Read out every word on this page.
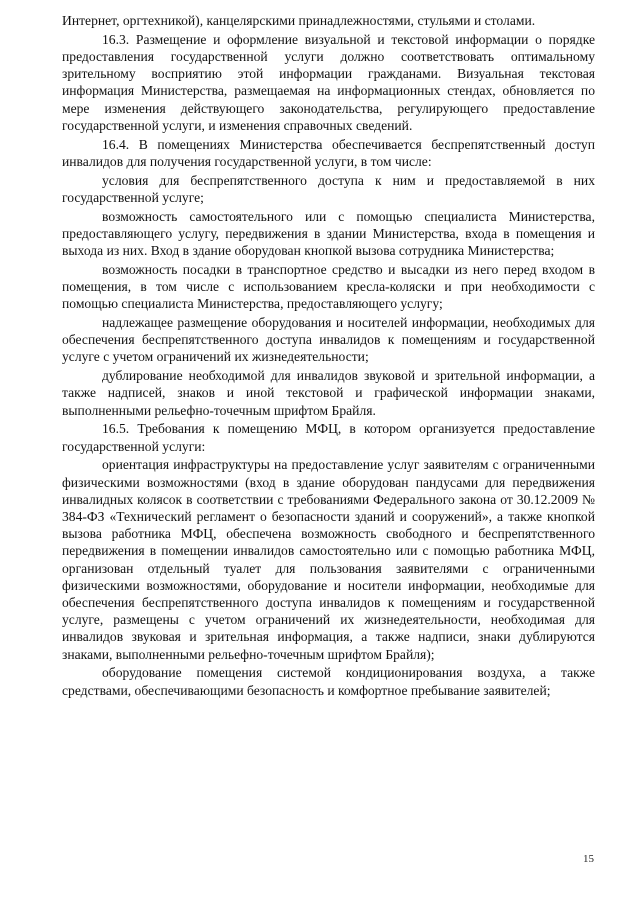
Интернет, оргтехникой), канцелярскими принадлежностями, стульями и столами.

16.3. Размещение и оформление визуальной и текстовой информации о порядке предоставления государственной услуги должно соответствовать оптимальному зрительному восприятию этой информации гражданами. Визуальная текстовая информация Министерства, размещаемая на информационных стендах, обновляется по мере изменения действующего законодательства, регулирующего предоставление государственной услуги, и изменения справочных сведений.

16.4. В помещениях Министерства обеспечивается беспрепятственный доступ инвалидов для получения государственной услуги, в том числе:

условия для беспрепятственного доступа к ним и предоставляемой в них государственной услуге;

возможность самостоятельного или с помощью специалиста Министерства, предоставляющего услугу, передвижения в здании Министерства, входа в помещения и выхода из них. Вход в здание оборудован кнопкой вызова сотрудника Министерства;

возможность посадки в транспортное средство и высадки из него перед входом в помещения, в том числе с использованием кресла-коляски и при необходимости с помощью специалиста Министерства, предоставляющего услугу;

надлежащее размещение оборудования и носителей информации, необходимых для обеспечения беспрепятственного доступа инвалидов к помещениям и государственной услуге с учетом ограничений их жизнедеятельности;

дублирование необходимой для инвалидов звуковой и зрительной информации, а также надписей, знаков и иной текстовой и графической информации знаками, выполненными рельефно-точечным шрифтом Брайля.

16.5. Требования к помещению МФЦ, в котором организуется предоставление государственной услуги:

ориентация инфраструктуры на предоставление услуг заявителям с ограниченными физическими возможностями (вход в здание оборудован пандусами для передвижения инвалидных колясок в соответствии с требованиями Федерального закона от 30.12.2009 № 384-ФЗ «Технический регламент о безопасности зданий и сооружений», а также кнопкой вызова работника МФЦ, обеспечена возможность свободного и беспрепятственного передвижения в помещении инвалидов самостоятельно или с помощью работника МФЦ, организован отдельный туалет для пользования заявителями с ограниченными физическими возможностями, оборудование и носители информации, необходимые для обеспечения беспрепятственного доступа инвалидов к помещениям и государственной услуге, размещены с учетом ограничений их жизнедеятельности, необходимая для инвалидов звуковая и зрительная информация, а также надписи, знаки дублируются знаками, выполненными рельефно-точечным шрифтом Брайля);

оборудование помещения системой кондиционирования воздуха, а также средствами, обеспечивающими безопасность и комфортное пребывание заявителей;

15
